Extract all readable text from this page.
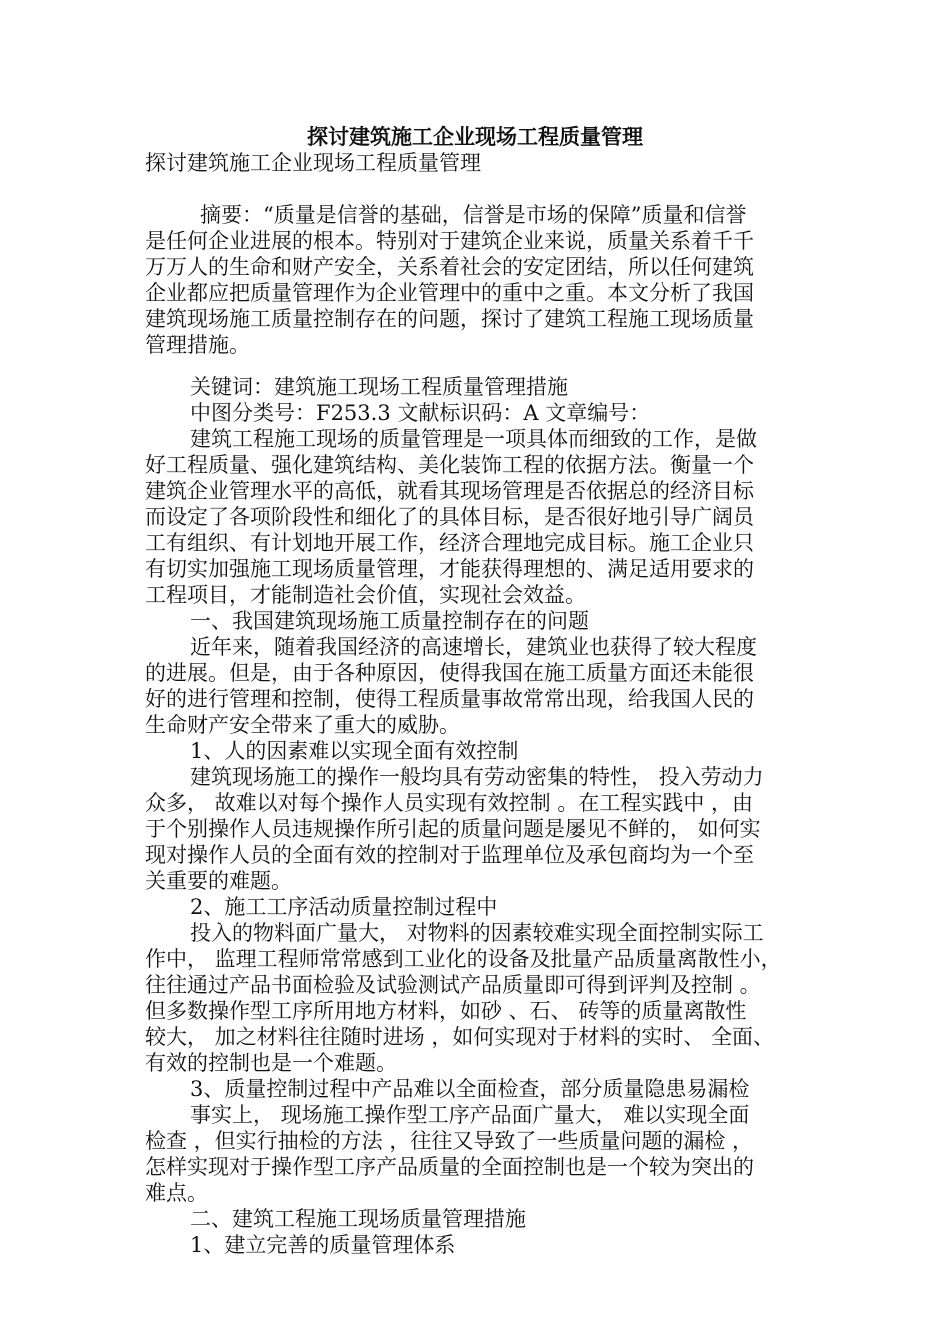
探讨建筑施工企业现场工程质量管理

探讨建筑施工企业现场工程质量管理

摘要：“质量是信誉的基础，信誉是市场的保障”质量和信誉

是任何企业进展的根本。特别对于建筑企业来说，质量关系着千千

万万人的生命和财产安全，关系着社会的安定团结，所以任何建筑

企业都应把质量管理作为企业管理中的重中之重。本文分析了我国

建筑现场施工质量控制存在的问题，探讨了建筑工程施工现场质量

管理措施。

关键词：建筑施工现场工程质量管理措施

中图分类号：F253.3 文献标识码：A 文章编号：

建筑工程施工现场的质量管理是一项具体而细致的工作，是做

好工程质量、强化建筑结构、美化装饰工程的依据方法。衡量一个

建筑企业管理水平的高低，就看其现场管理是否依据总的经济目标

而设定了各项阶段性和细化了的具体目标，是否很好地引导广阔员

工有组织、有计划地开展工作，经济合理地完成目标。施工企业只

有切实加强施工现场质量管理，才能获得理想的、满足适用要求的

工程项目，才能制造社会价值，实现社会效益。

一、我国建筑现场施工质量控制存在的问题

近年来，随着我国经济的高速增长，建筑业也获得了较大程度

的进展。但是，由于各种原因，使得我国在施工质量方面还未能很

好的进行管理和控制，使得工程质量事故常常出现，给我国人民的

生命财产安全带来了重大的威胁。

1、人的因素难以实现全面有效控制

建筑现场施工的操作一般均具有劳动密集的特性， 投入劳动力

众多， 故难以对每个操作人员实现有效控制 。在工程实践中 ，由

于个别操作人员违规操作所引起的质量问题是屡见不鲜的， 如何实

现对操作人员的全面有效的控制对于监理单位及承包商均为一个至

关重要的难题。

2、施工工序活动质量控制过程中

投入的物料面广量大， 对物料的因素较难实现全面控制实际工

作中， 监理工程师常常感到工业化的设备及批量产品质量离散性小，

往往通过产品书面检验及试验测试产品质量即可得到评判及控制 。

但多数操作型工序所用地方材料，如砂 、石、 砖等的质量离散性

较大， 加之材料往往随时进场 ，如何实现对于材料的实时、 全面、

有效的控制也是一个难题。

3、质量控制过程中产品难以全面检查，部分质量隐患易漏检

事实上， 现场施工操作型工序产品面广量大， 难以实现全面

检查 ，但实行抽检的方法 ，往往又导致了一些质量问题的漏检 ，

怎样实现对于操作型工序产品质量的全面控制也是一个较为突出的

难点。

二、建筑工程施工现场质量管理措施

1、建立完善的质量管理体系
